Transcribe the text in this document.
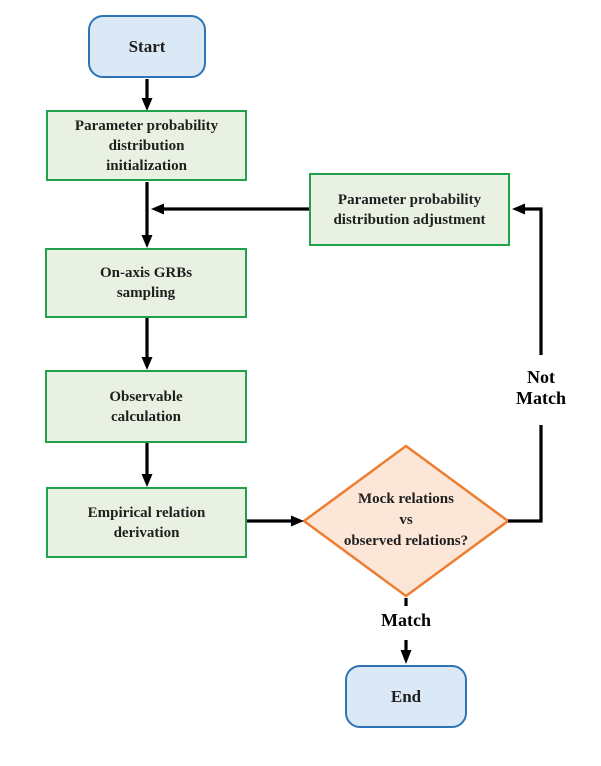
Start
Parameter probability
distribution
initialization
Parameter probability
distribution adjustment
On-axis GRBs
sampling
Observable
calculation
Empirical relation
derivation
Mock relations
vs
observed relations?
End
Not
Match
Match
